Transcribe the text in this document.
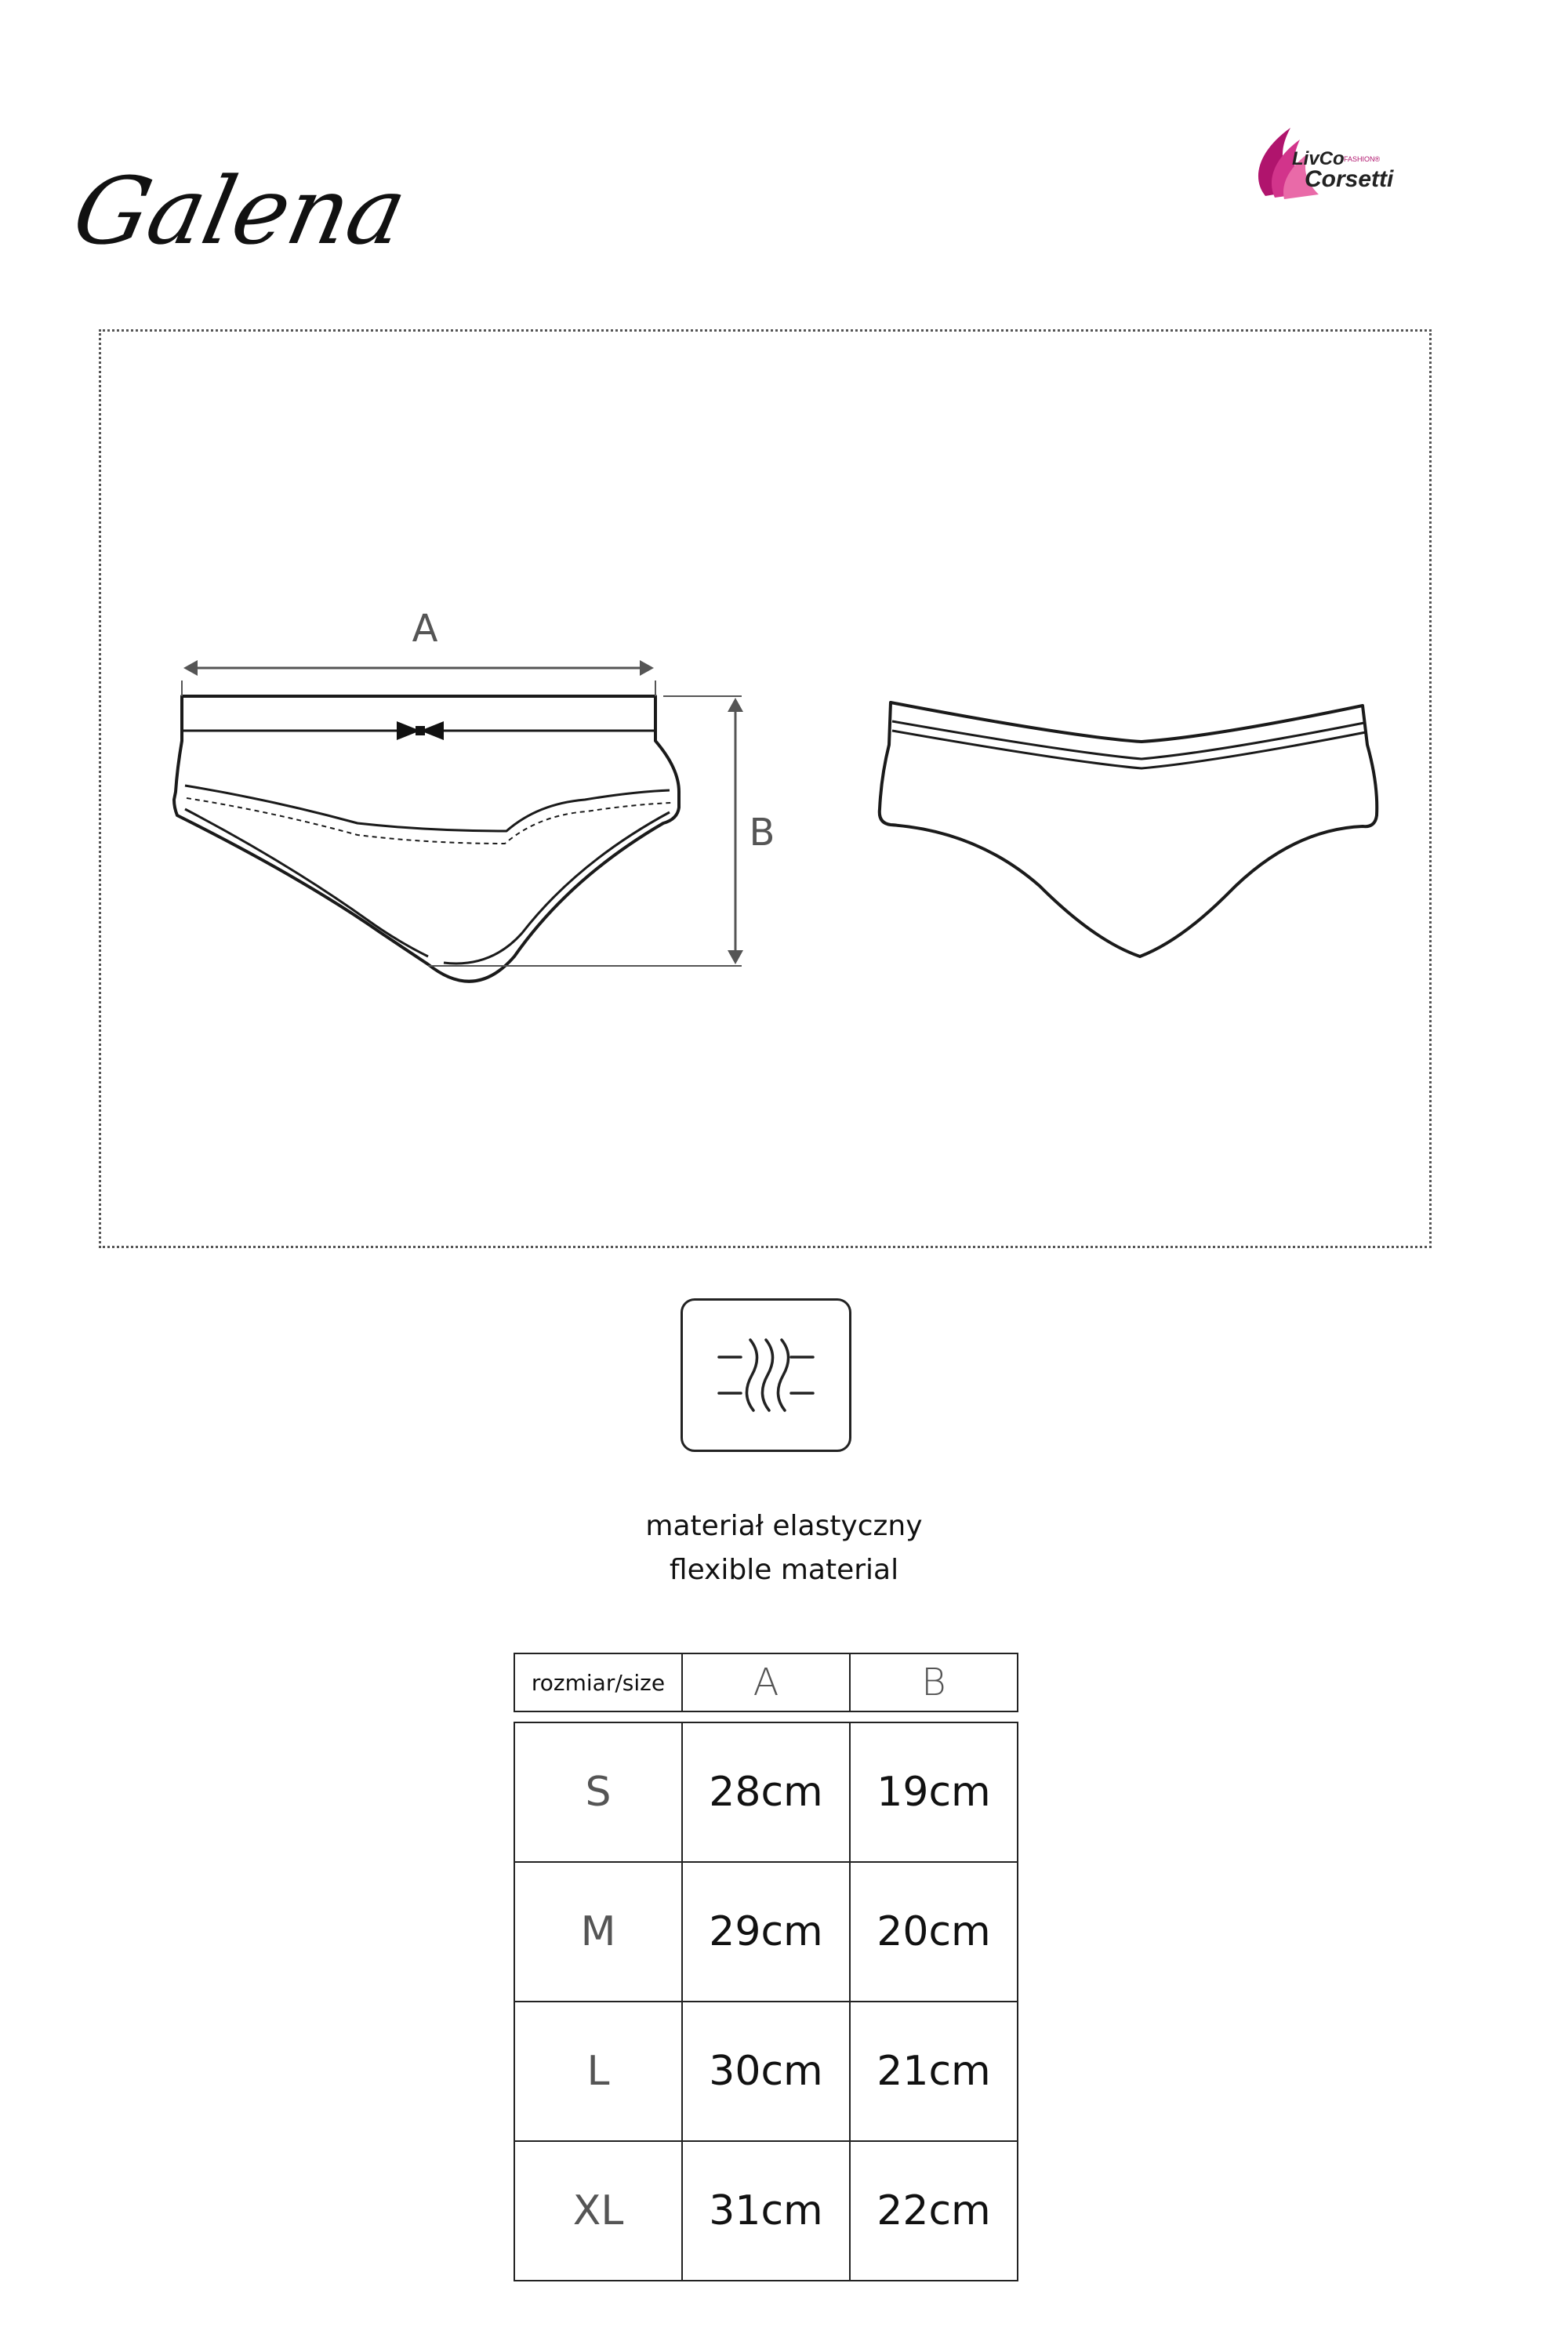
Galena	LivCo FASHION®
Corsetti
A
B
materiał elastyczny
flexible material
rozmiar/size	A	B
S	28cm	19cm
M	29cm	20cm
L	30cm	21cm
XL	31cm	22cm
